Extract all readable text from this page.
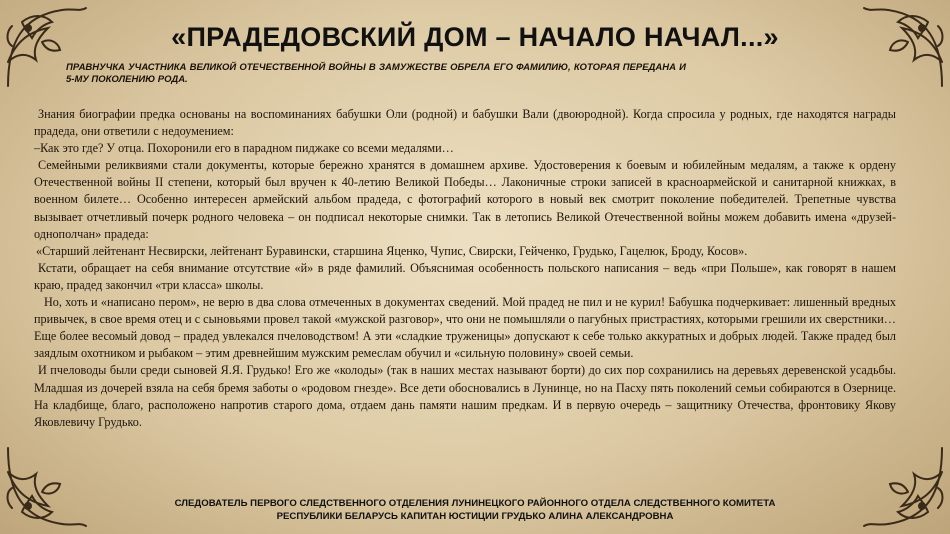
«ПРАДЕДОВСКИЙ ДОМ – НАЧАЛО НАЧАЛ...»
ПРАВНУЧКА УЧАСТНИКА ВЕЛИКОЙ ОТЕЧЕСТВЕННОЙ ВОЙНЫ В ЗАМУЖЕСТВЕ ОБРЕЛА ЕГО ФАМИЛИЮ, КОТОРАЯ ПЕРЕДАНА И 5-МУ ПОКОЛЕНИЮ РОДА.

Знания биографии предка основаны на воспоминаниях бабушки Оли (родной) и бабушки Вали (двоюродной). Когда спросила у родных, где находятся награды прадеда, они ответили с недоумением:

–Как это где? У отца. Похоронили его в парадном пиджаке со всеми медалями…

Семейными реликвиями стали документы, которые бережно хранятся в домашнем архиве. Удостоверения к боевым и юбилейным медалям, а также к ордену Отечественной войны II степени, который был вручен к 40-летию Великой Победы… Лаконичные строки записей в красноармейской и санитарной книжках, в военном билете… Особенно интересен армейский альбом прадеда, с фотографий которого в новый век смотрит поколение победителей. Трепетные чувства вызывает отчетливый почерк родного человека – он подписал некоторые снимки. Так в летопись Великой Отечественной войны можем добавить имена «друзей-однополчан» прадеда:

«Старший лейтенант Несвирски, лейтенант Буравински, старшина Яценко, Чупис, Свирски, Гейченко, Грудько, Гацелюк, Броду, Косов».

Кстати, обращает на себя внимание отсутствие «й» в ряде фамилий. Объяснимая особенность польского написания – ведь «при Польше», как говорят в нашем краю, прадед закончил «три класса» школы.

Но, хоть и «написано пером», не верю в два слова отмеченных в документах сведений. Мой прадед не пил и не курил! Бабушка подчеркивает: лишенный вредных привычек, в свое время отец и с сыновьями провел такой «мужской разговор», что они не помышляли о пагубных пристрастиях, которыми грешили их сверстники… Еще более весомый довод – прадед увлекался пчеловодством! А эти «сладкие труженицы» допускают к себе только аккуратных и добрых людей. Также прадед был заядлым охотником и рыбаком – этим древнейшим мужским ремеслам обучил и «сильную половину» своей семьи.

И пчеловоды были среди сыновей Я.Я. Грудько! Его же «колоды» (так в наших местах называют борти) до сих пор сохранились на деревьях деревенской усадьбы. Младшая из дочерей взяла на себя бремя заботы о «родовом гнезде». Все дети обосновались в Лунинце, но на Пасху пять поколений семьи собираются в Озернице. На кладбище, благо, расположено напротив старого дома, отдаем дань памяти нашим предкам. И в первую очередь – защитнику Отечества, фронтовику Якову Яковлевичу Грудько.

СЛЕДОВАТЕЛЬ ПЕРВОГО СЛЕДСТВЕННОГО ОТДЕЛЕНИЯ ЛУНИНЕЦКОГО РАЙОННОГО ОТДЕЛА СЛЕДСТВЕННОГО КОМИТЕТА
РЕСПУБЛИКИ БЕЛАРУСЬ КАПИТАН ЮСТИЦИИ ГРУДЬКО АЛИНА АЛЕКСАНДРОВНА
